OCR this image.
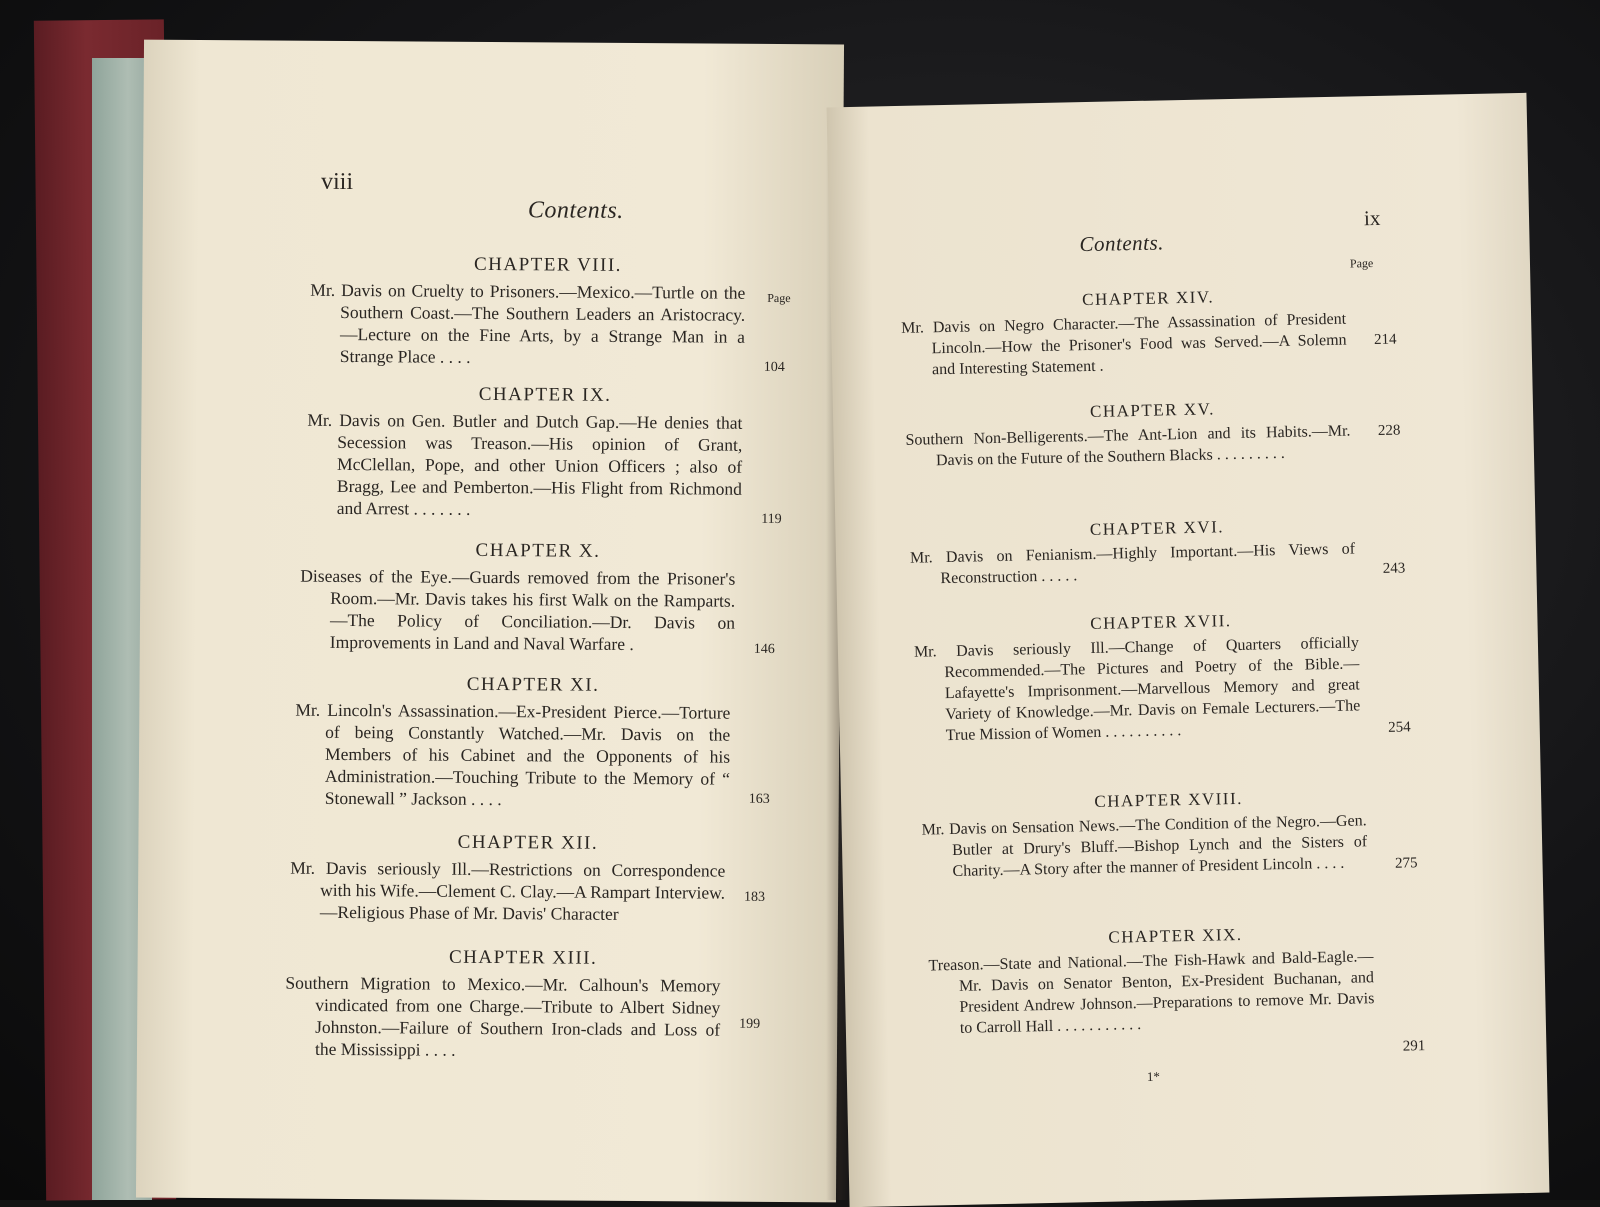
viii
Contents.
Page
CHAPTER VIII.
Mr. Davis on Cruelty to Prisoners.—Mexico.—Turtle on the Southern Coast.—The Southern Leaders an Aristocracy.—Lecture on the Fine Arts, by a Strange Man in a Strange Place . . . .
104
CHAPTER IX.
Mr. Davis on Gen. Butler and Dutch Gap.—He denies that Secession was Treason.—His opinion of Grant, McClellan, Pope, and other Union Officers ; also of Bragg, Lee and Pemberton.—His Flight from Richmond and Arrest . . . . . . .
119
CHAPTER X.
Diseases of the Eye.—Guards removed from the Prisoner's Room.—Mr. Davis takes his first Walk on the Ramparts.—The Policy of Conciliation.—Dr. Davis on Improvements in Land and Naval Warfare .	146
CHAPTER XI.
Mr. Lincoln's Assassination.—Ex-President Pierce.—Torture of being Constantly Watched.—Mr. Davis on the Members of his Cabinet and the Opponents of his Administration.—Touching Tribute to the Memory of “ Stonewall ” Jackson . . . .	163
CHAPTER XII.
Mr. Davis seriously Ill.—Restrictions on Correspondence with his Wife.—Clement C. Clay.—A Rampart Interview.—Religious Phase of Mr. Davis' Character
183
CHAPTER XIII.
Southern Migration to Mexico.—Mr. Calhoun's Memory vindicated from one Charge.—Tribute to Albert Sidney Johnston.—Failure of Southern Iron-clads and Loss of the Mississippi . . . .
199
ix
Contents.
Page
CHAPTER XIV.
Mr. Davis on Negro Character.—The Assassination of President Lincoln.—How the Prisoner's Food was Served.—A Solemn and Interesting Statement .
214
CHAPTER XV.
Southern Non-Belligerents.—The Ant-Lion and its Habits.—Mr. Davis on the Future of the Southern Blacks . . . . . . . . .
228
CHAPTER XVI.
Mr. Davis on Fenianism.—Highly Important.—His Views of Reconstruction . . . . .	243
CHAPTER XVII.
Mr. Davis seriously Ill.—Change of Quarters officially Recommended.—The Pictures and Poetry of the Bible.—Lafayette's Imprisonment.—Marvellous Memory and great Variety of Knowledge.—Mr. Davis on Female Lecturers.—The True Mission of Women . . . . . . . . . .	254
CHAPTER XVIII.
Mr. Davis on Sensation News.—The Condition of the Negro.—Gen. Butler at Drury's Bluff.—Bishop Lynch and the Sisters of Charity.—A Story after the manner of President Lincoln . . . .	275
CHAPTER XIX.
Treason.—State and National.—The Fish-Hawk and Bald-Eagle.—Mr. Davis on Senator Benton, Ex-President Buchanan, and President Andrew Johnson.—Preparations to remove Mr. Davis to Carroll Hall . . . . . . . . . . .
291
1*
